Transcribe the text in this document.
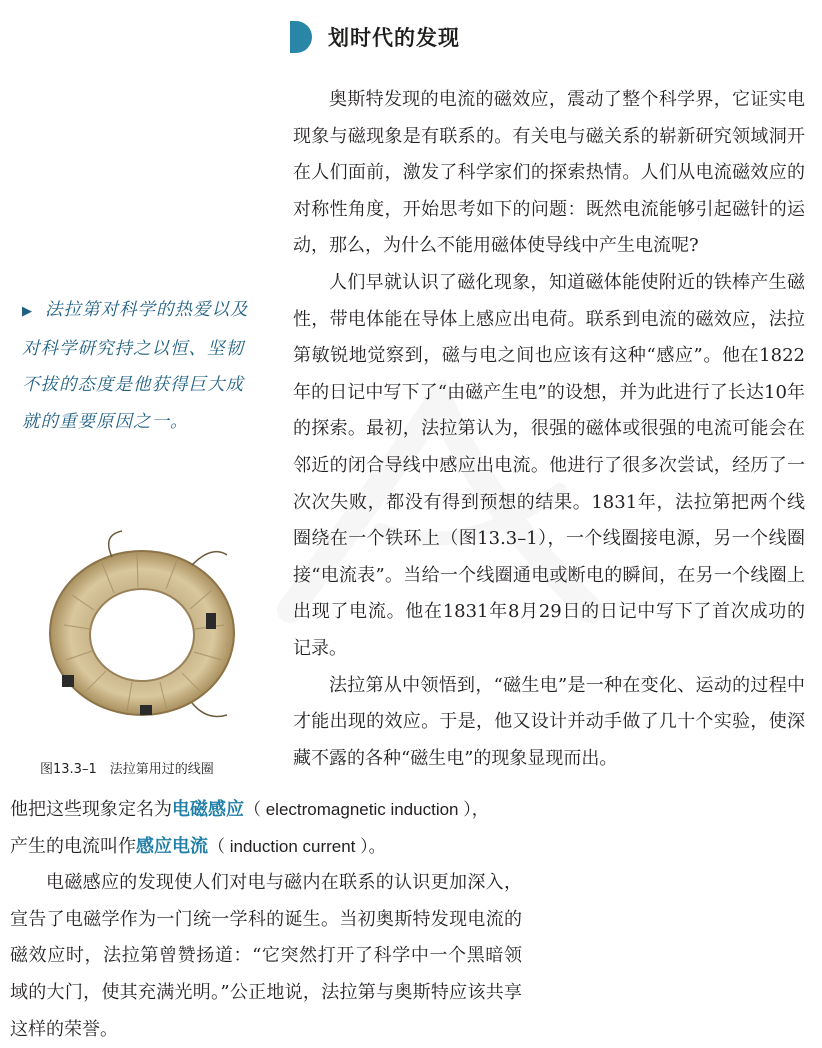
划时代的发现

奥斯特发现的电流的磁效应，震动了整个科学界，它证实电现象与磁现象是有联系的。有关电与磁关系的崭新研究领域洞开在人们面前，激发了科学家们的探索热情。人们从电流磁效应的对称性角度，开始思考如下的问题：既然电流能够引起磁针的运动，那么，为什么不能用磁体使导线中产生电流呢?

人们早就认识了磁化现象，知道磁体能使附近的铁棒产生磁性，带电体能在导体上感应出电荷。联系到电流的磁效应，法拉第敏锐地觉察到，磁与电之间也应该有这种“感应”。他在1822 年的日记中写下了“由磁产生电”的设想，并为此进行了长达10年的探索。最初，法拉第认为，很强的磁体或很强的电流可能会在邻近的闭合导线中感应出电流。他进行了很多次尝试，经历了一次次失败，都没有得到预想的结果。1831年，法拉第把两个线圈绕在一个铁环上（图13.3–1），一个线圈接电源，另一个线圈接“电流表”。当给一个线圈通电或断电的瞬间，在另一个线圈上出现了电流。他在1831年8月29日的日记中写下了首次成功的记录。

法拉第从中领悟到，“磁生电”是一种在变化、运动的过程中才能出现的效应。于是，他又设计并动手做了几十个实验，使深藏不露的各种“磁生电”的现象显现而出。

▶ 法拉第对科学的热爱以及对科学研究持之以恒、坚韧不拔的态度是他获得巨大成就的重要原因之一。
图13.3–1　法拉第用过的线圈

他把这些现象定名为电磁感应（ electromagnetic induction ），

产生的电流叫作感应电流（ induction current ）。

电磁感应的发现使人们对电与磁内在联系的认识更加深入，宣告了电磁学作为一门统一学科的诞生。当初奥斯特发现电流的磁效应时，法拉第曾赞扬道：“它突然打开了科学中一个黑暗领域的大门，使其充满光明。”公正地说，法拉第与奥斯特应该共享这样的荣誉。
